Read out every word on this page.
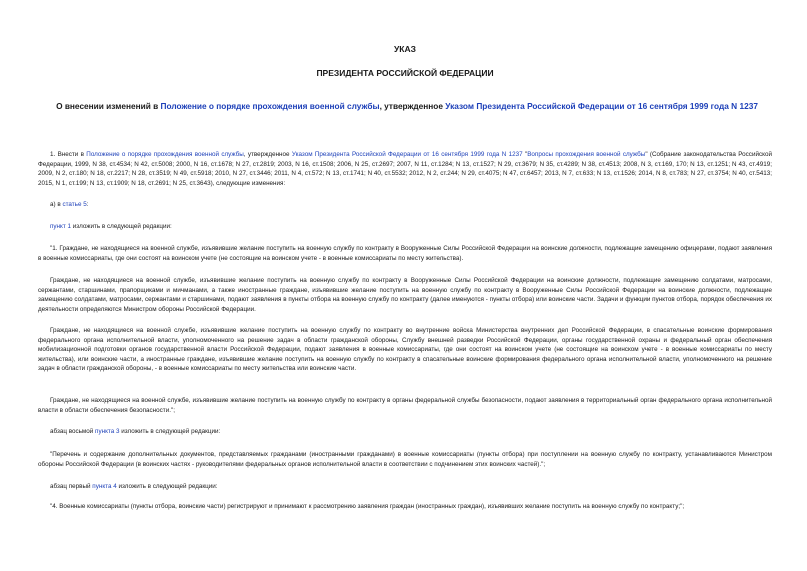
УКАЗ
ПРЕЗИДЕНТА РОССИЙСКОЙ ФЕДЕРАЦИИ
О внесении изменений в Положение о порядке прохождения военной службы, утвержденное Указом Президента Российской Федерации от 16 сентября 1999 года N 1237
1. Внести в Положение о порядке прохождения военной службы, утвержденное Указом Президента Российской Федерации от 16 сентября 1999 года N 1237 "Вопросы прохождения военной службы" (Собрание законодательства Российской Федерации, 1999, N 38, ст.4534; N 42, ст.5008; 2000, N 16, ст.1678; N 27, ст.2819; 2003, N 16, ст.1508; 2006, N 25, ст.2697; 2007, N 11, ст.1284; N 13, ст.1527; N 29, ст.3679; N 35, ст.4289; N 38, ст.4513; 2008, N 3, ст.169, 170; N 13, ст.1251; N 43, ст.4919; 2009, N 2, ст.180; N 18, ст.2217; N 28, ст.3519; N 49, ст.5918; 2010, N 27, ст.3446; 2011, N 4, ст.572; N 13, ст.1741; N 40, ст.5532; 2012, N 2, ст.244; N 29, ст.4075; N 47, ст.6457; 2013, N 7, ст.633; N 13, ст.1526; 2014, N 8, ст.783; N 27, ст.3754; N 40, ст.5413; 2015, N 1, ст.199; N 13, ст.1909; N 18, ст.2691; N 25, ст.3643), следующие изменения:
а) в статье 5:
пункт 1 изложить в следующей редакции:
"1. Граждане, не находящиеся на военной службе, изъявившие желание поступить на военную службу по контракту в Вооруженные Силы Российской Федерации на воинские должности, подлежащие замещению офицерами, подают заявления в военные комиссариаты, где они состоят на воинском учете (не состоящие на воинском учете - в военные комиссариаты по месту жительства).
Граждане, не находящиеся на военной службе, изъявившие желание поступить на военную службу по контракту в Вооруженные Силы Российской Федерации на воинские должности, подлежащие замещению солдатами, матросами, сержантами, старшинами, прапорщиками и мичманами, а также иностранные граждане, изъявившие желание поступить на военную службу по контракту в Вооруженные Силы Российской Федерации на воинские должности, подлежащие замещению солдатами, матросами, сержантами и старшинами, подают заявления в пункты отбора на военную службу по контракту (далее именуются - пункты отбора) или воинские части. Задачи и функции пунктов отбора, порядок обеспечения их деятельности определяются Министром обороны Российской Федерации.
Граждане, не находящиеся на военной службе, изъявившие желание поступить на военную службу по контракту во внутренние войска Министерства внутренних дел Российской Федерации, в спасательные воинские формирования федерального органа исполнительной власти, уполномоченного на решение задач в области гражданской обороны, Службу внешней разведки Российской Федерации, органы государственной охраны и федеральный орган обеспечения мобилизационной подготовки органов государственной власти Российской Федерации, подают заявления в военные комиссариаты, где они состоят на воинском учете (не состоящие на воинском учете - в военные комиссариаты по месту жительства), или воинские части, а иностранные граждане, изъявившие желание поступить на военную службу по контракту в спасательные воинские формирования федерального органа исполнительной власти, уполномоченного на решение задач в области гражданской обороны, - в военные комиссариаты по месту жительства или воинские части.
Граждане, не находящиеся на военной службе, изъявившие желание поступить на военную службу по контракту в органы федеральной службы безопасности, подают заявления в территориальный орган федерального органа исполнительной власти в области обеспечения безопасности.";
абзац восьмой пункта 3 изложить в следующей редакции:
"Перечень и содержание дополнительных документов, представляемых гражданами (иностранными гражданами) в военные комиссариаты (пункты отбора) при поступлении на военную службу по контракту, устанавливаются Министром обороны Российской Федерации (в воинских частях - руководителями федеральных органов исполнительной власти в соответствии с подчинением этих воинских частей).";
абзац первый пункта 4 изложить в следующей редакции:
"4. Военные комиссариаты (пункты отбора, воинские части) регистрируют и принимают к рассмотрению заявления граждан (иностранных граждан), изъявивших желание поступить на военную службу по контракту;";
